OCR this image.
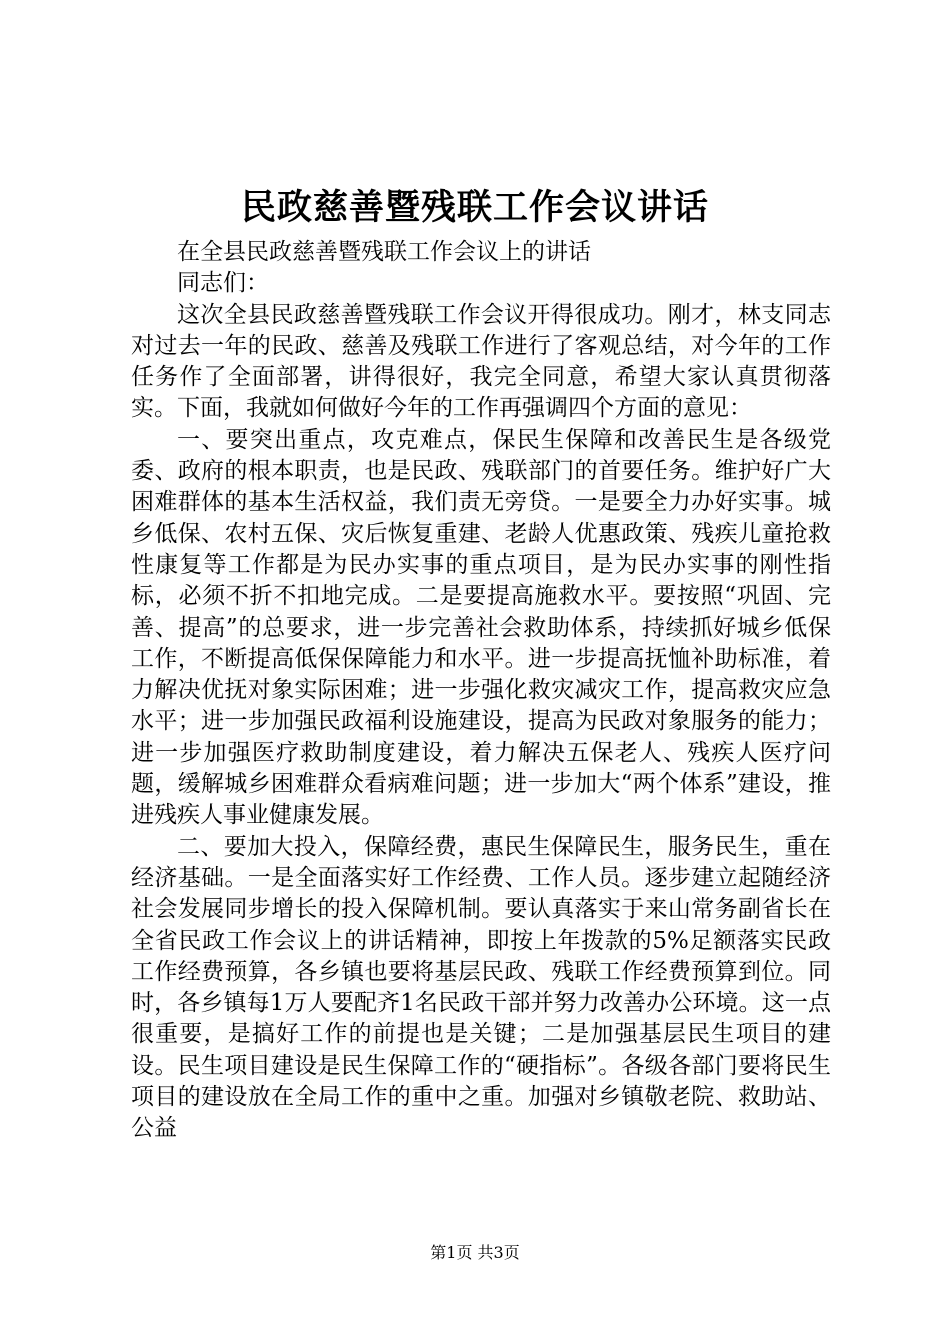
民政慈善暨残联工作会议讲话

在全县民政慈善暨残联工作会议上的讲话

同志们：

这次全县民政慈善暨残联工作会议开得很成功。刚才，林支同志对过去一年的民政、慈善及残联工作进行了客观总结，对今年的工作任务作了全面部署，讲得很好，我完全同意，希望大家认真贯彻落实。下面，我就如何做好今年的工作再强调四个方面的意见：

一、要突出重点，攻克难点，保民生保障和改善民生是各级党委、政府的根本职责，也是民政、残联部门的首要任务。维护好广大困难群体的基本生活权益，我们责无旁贷。一是要全力办好实事。城乡低保、农村五保、灾后恢复重建、老龄人优惠政策、残疾儿童抢救性康复等工作都是为民办实事的重点项目，是为民办实事的刚性指标，必须不折不扣地完成。二是要提高施救水平。要按照“巩固、完善、提高”的总要求，进一步完善社会救助体系，持续抓好城乡低保工作，不断提高低保保障能力和水平。进一步提高抚恤补助标准，着力解决优抚对象实际困难；进一步强化救灾减灾工作，提高救灾应急水平；进一步加强民政福利设施建设，提高为民政对象服务的能力；进一步加强医疗救助制度建设，着力解决五保老人、残疾人医疗问题，缓解城乡困难群众看病难问题；进一步加大“两个体系”建设，推进残疾人事业健康发展。

二、要加大投入，保障经费，惠民生保障民生，服务民生，重在经济基础。一是全面落实好工作经费、工作人员。逐步建立起随经济社会发展同步增长的投入保障机制。要认真落实于来山常务副省长在全省民政工作会议上的讲话精神，即按上年拨款的5%足额落实民政工作经费预算，各乡镇也要将基层民政、残联工作经费预算到位。同时，各乡镇每1万人要配齐1名民政干部并努力改善办公环境。这一点很重要，是搞好工作的前提也是关键；二是加强基层民生项目的建设。民生项目建设是民生保障工作的“硬指标”。各级各部门要将民生项目的建设放在全局工作的重中之重。加强对乡镇敬老院、救助站、公益

第1页 共3页
